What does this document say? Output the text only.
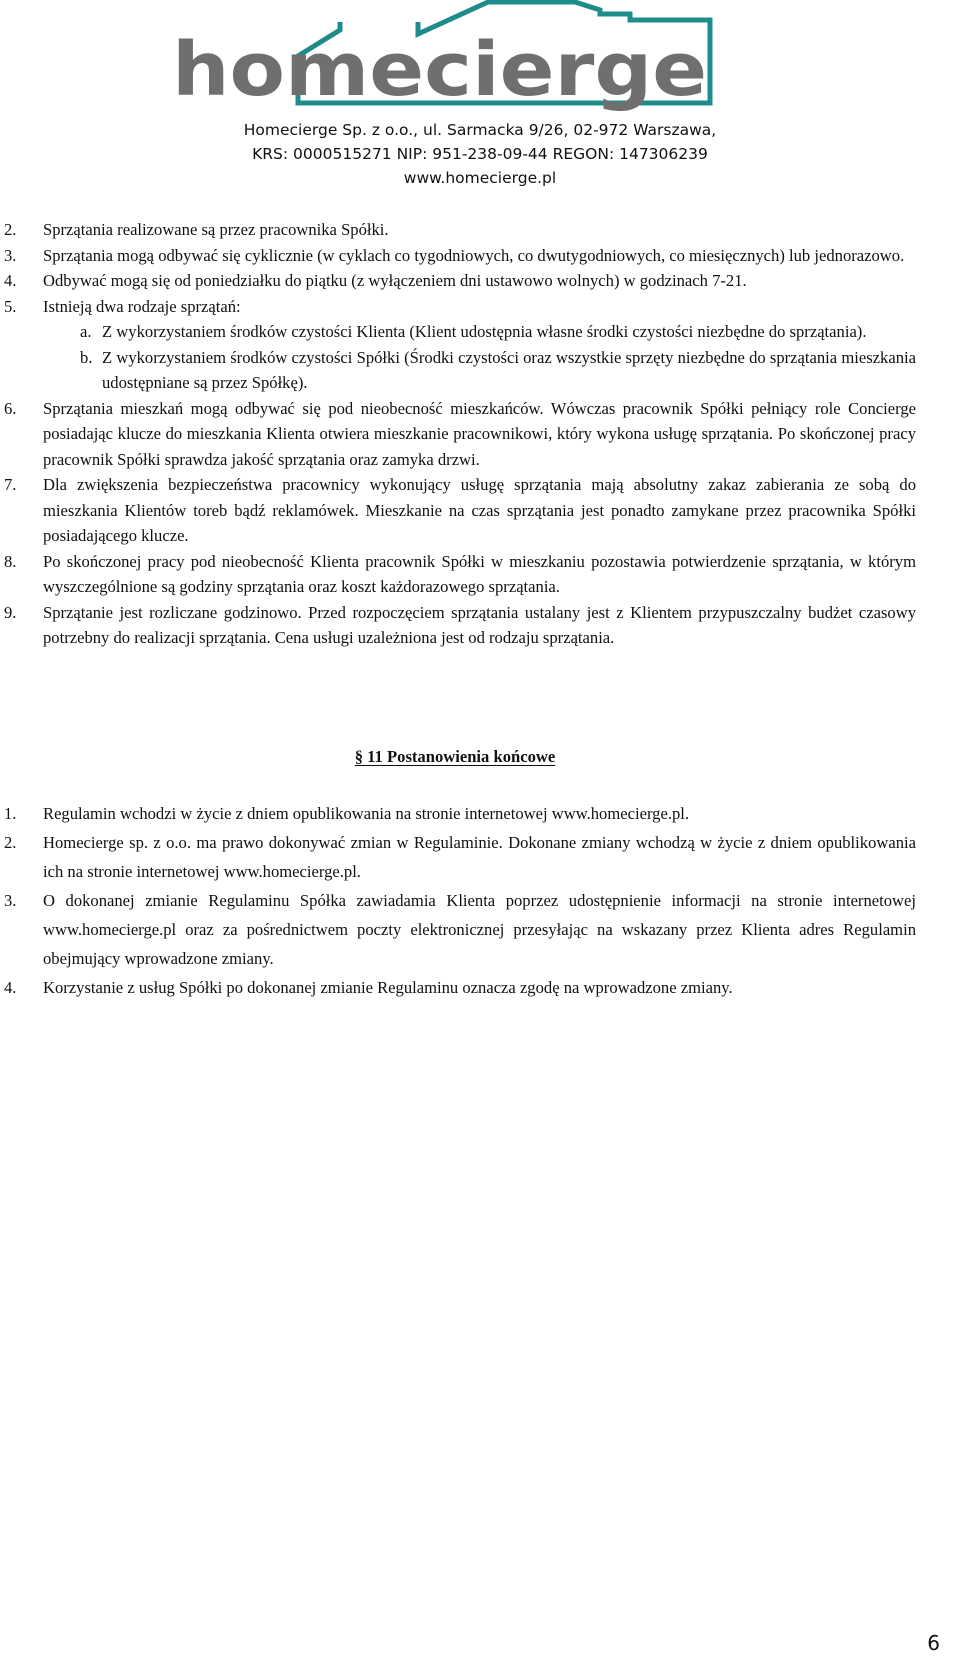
homecierge
Homecierge Sp. z o.o., ul. Sarmacka 9/26, 02-972 Warszawa,
KRS: 0000515271 NIP: 951-238-09-44 REGON: 147306239
www.homecierge.pl
2. Sprzątania realizowane są przez pracownika Spółki.
3. Sprzątania mogą odbywać się cyklicznie (w cyklach co tygodniowych, co dwutygodniowych, co miesięcznych) lub jednorazowo.
4. Odbywać mogą się od poniedziałku do piątku (z wyłączeniem dni ustawowo wolnych) w godzinach 7-21.
5. Istnieją dwa rodzaje sprzątań:
a. Z wykorzystaniem środków czystości Klienta (Klient udostępnia własne środki czystości niezbędne do sprzątania).
b. Z wykorzystaniem środków czystości Spółki (Środki czystości oraz wszystkie sprzęty niezbędne do sprzątania mieszkania udostępniane są przez Spółkę).
6. Sprzątania mieszkań mogą odbywać się pod nieobecność mieszkańców. Wówczas pracownik Spółki pełniący role Concierge posiadając klucze do mieszkania Klienta otwiera mieszkanie pracownikowi, który wykona usługę sprzątania. Po skończonej pracy pracownik Spółki sprawdza jakość sprzątania oraz zamyka drzwi.
7. Dla zwiększenia bezpieczeństwa pracownicy wykonujący usługę sprzątania mają absolutny zakaz zabierania ze sobą do mieszkania Klientów toreb bądź reklamówek. Mieszkanie na czas sprzątania jest ponadto zamykane przez pracownika Spółki posiadającego klucze.
8. Po skończonej pracy pod nieobecność Klienta pracownik Spółki w mieszkaniu pozostawia potwierdzenie sprzątania, w którym wyszczególnione są godziny sprzątania oraz koszt każdorazowego sprzątania.
9. Sprzątanie jest rozliczane godzinowo. Przed rozpoczęciem sprzątania ustalany jest z Klientem przypuszczalny budżet czasowy potrzebny do realizacji sprzątania. Cena usługi uzależniona jest od rodzaju sprzątania.
§ 11 Postanowienia końcowe
1. Regulamin wchodzi w życie z dniem opublikowania na stronie internetowej www.homecierge.pl.
2. Homecierge sp. z o.o. ma prawo dokonywać zmian w Regulaminie. Dokonane zmiany wchodzą w życie z dniem opublikowania ich na stronie internetowej www.homecierge.pl.
3. O dokonanej zmianie Regulaminu Spółka zawiadamia Klienta poprzez udostępnienie informacji na stronie internetowej www.homecierge.pl oraz za pośrednictwem poczty elektronicznej przesyłając na wskazany przez Klienta adres Regulamin obejmujący wprowadzone zmiany.
4. Korzystanie z usług Spółki po dokonanej zmianie Regulaminu oznacza zgodę na wprowadzone zmiany.
6
